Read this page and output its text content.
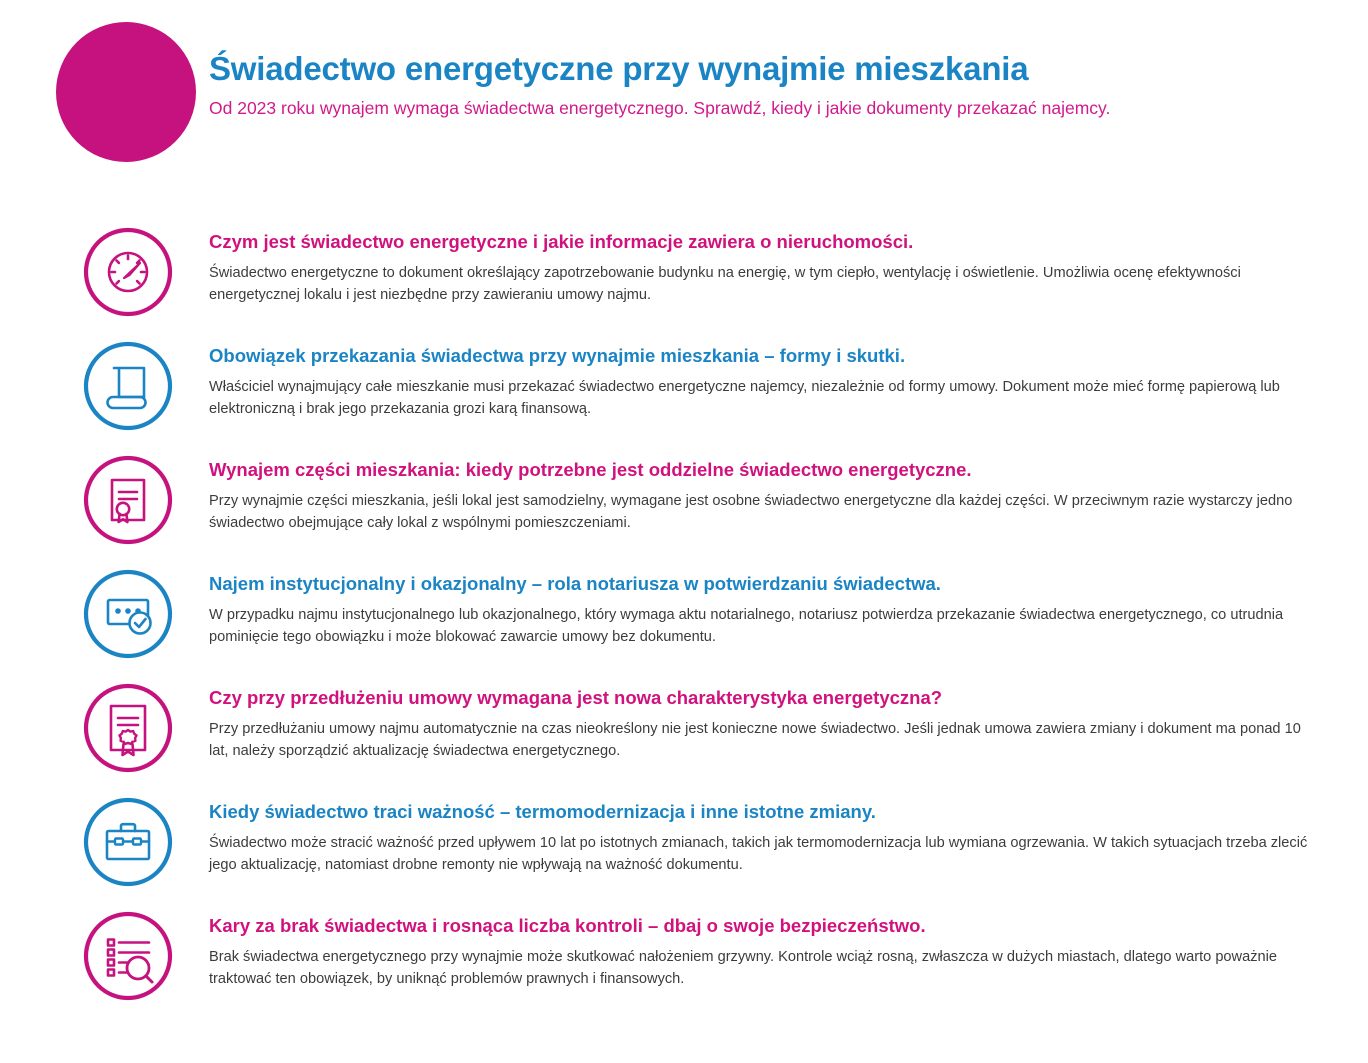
Świadectwo energetyczne przy wynajmie mieszkania

Od 2023 roku wynajem wymaga świadectwa energetycznego. Sprawdź, kiedy i jakie dokumenty przekazać najemcy.

Czym jest świadectwo energetyczne i jakie informacje zawiera o nieruchomości.

Świadectwo energetyczne to dokument określający zapotrzebowanie budynku na energię, w tym ciepło, wentylację i oświetlenie. Umożliwia ocenę efektywności energetycznej lokalu i jest niezbędne przy zawieraniu umowy najmu.

Obowiązek przekazania świadectwa przy wynajmie mieszkania – formy i skutki.

Właściciel wynajmujący całe mieszkanie musi przekazać świadectwo energetyczne najemcy, niezależnie od formy umowy. Dokument może mieć formę papierową lub elektroniczną i brak jego przekazania grozi karą finansową.

Wynajem części mieszkania: kiedy potrzebne jest oddzielne świadectwo energetyczne.

Przy wynajmie części mieszkania, jeśli lokal jest samodzielny, wymagane jest osobne świadectwo energetyczne dla każdej części. W przeciwnym razie wystarczy jedno świadectwo obejmujące cały lokal z wspólnymi pomieszczeniami.

Najem instytucjonalny i okazjonalny – rola notariusza w potwierdzaniu świadectwa.

W przypadku najmu instytucjonalnego lub okazjonalnego, który wymaga aktu notarialnego, notariusz potwierdza przekazanie świadectwa energetycznego, co utrudnia pominięcie tego obowiązku i może blokować zawarcie umowy bez dokumentu.

Czy przy przedłużeniu umowy wymagana jest nowa charakterystyka energetyczna?

Przy przedłużaniu umowy najmu automatycznie na czas nieokreślony nie jest konieczne nowe świadectwo. Jeśli jednak umowa zawiera zmiany i dokument ma ponad 10 lat, należy sporządzić aktualizację świadectwa energetycznego.

Kiedy świadectwo traci ważność – termomodernizacja i inne istotne zmiany.

Świadectwo może stracić ważność przed upływem 10 lat po istotnych zmianach, takich jak termomodernizacja lub wymiana ogrzewania. W takich sytuacjach trzeba zlecić jego aktualizację, natomiast drobne remonty nie wpływają na ważność dokumentu.

Kary za brak świadectwa i rosnąca liczba kontroli – dbaj o swoje bezpieczeństwo.

Brak świadectwa energetycznego przy wynajmie może skutkować nałożeniem grzywny. Kontrole wciąż rosną, zwłaszcza w dużych miastach, dlatego warto poważnie traktować ten obowiązek, by uniknąć problemów prawnych i finansowych.
